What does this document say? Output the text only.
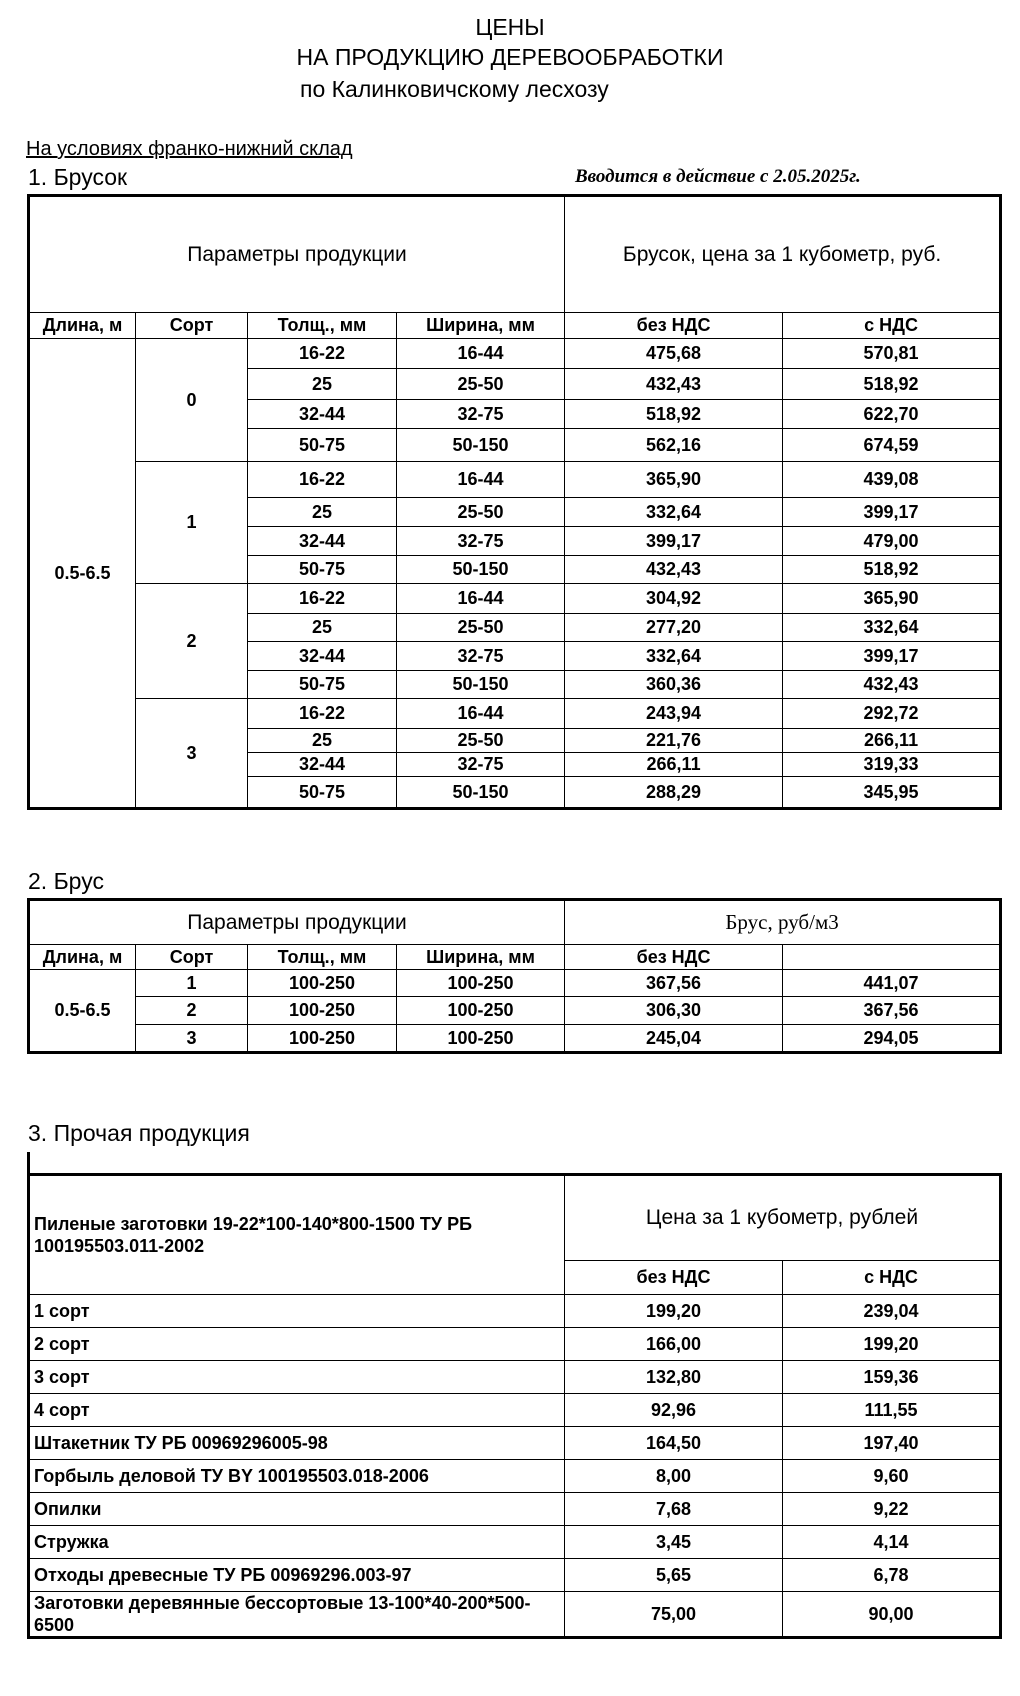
ЦЕНЫ
НА ПРОДУКЦИЮ ДЕРЕВООБРАБОТКИ
по Калинковичскому лесхозу
На условиях франко-нижний склад
1. Брусок	Вводится в действие с 2.05.2025г.
Параметры продукции				Брусок, цена за 1 кубометр, руб.	
Длина, м	Сорт	Толщ., мм	Ширина, мм	без НДС	с НДС
0.5-6.5	0	16-22	16-44	475,68	570,81
		25	25-50	432,43	518,92
		32-44	32-75	518,92	622,70
		50-75	50-150	562,16	674,59
	1	16-22	16-44	365,90	439,08
		25	25-50	332,64	399,17
		32-44	32-75	399,17	479,00
		50-75	50-150	432,43	518,92
	2	16-22	16-44	304,92	365,90
		25	25-50	277,20	332,64
		32-44	32-75	332,64	399,17
		50-75	50-150	360,36	432,43
	3	16-22	16-44	243,94	292,72
		25	25-50	221,76	266,11
		32-44	32-75	266,11	319,33
		50-75	50-150	288,29	345,95
2. Брус
Параметры продукции				Брус, руб/м3	
Длина, м	Сорт	Толщ., мм	Ширина, мм	без НДС	
0.5-6.5	1	100-250	100-250	367,56	441,07
	2	100-250	100-250	306,30	367,56
	3	100-250	100-250	245,04	294,05
3. Прочая продукция
Пиленые заготовки 19-22*100-140*800-1500 ТУ РБ 100195503.011-2002	Цена за 1 кубометр, рублей	
	без НДС	с НДС
1 сорт	199,20	239,04
2 сорт	166,00	199,20
3 сорт	132,80	159,36
4 сорт	92,96	111,55
Штакетник ТУ РБ 00969296005-98	164,50	197,40
Горбыль деловой ТУ BY 100195503.018-2006	8,00	9,60
Опилки	7,68	9,22
Стружка	3,45	4,14
Отходы древесные ТУ РБ 00969296.003-97	5,65	6,78
Заготовки деревянные бессортовые 13-100*40-200*500-6500	75,00	90,00
